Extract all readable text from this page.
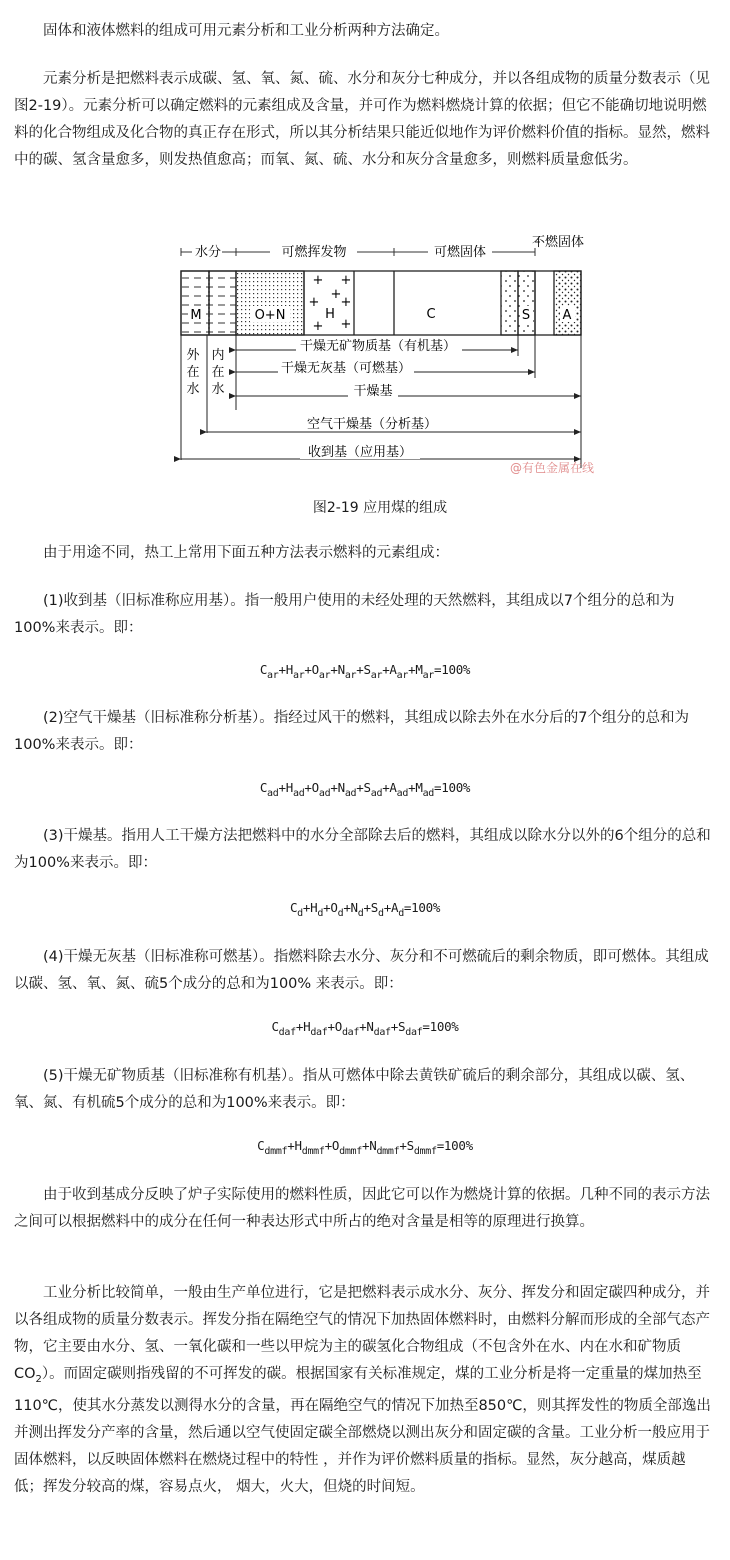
固体和液体燃料的组成可用元素分析和工业分析两种方法确定。

元素分析是把燃料表示成碳、氢、氧、氮、硫、水分和灰分七种成分，并以各组成物的质量分数表示（见图2-19）。元素分析可以确定燃料的元素组成及含量，并可作为燃料燃烧计算的依据；但它不能确切地说明燃料的化合物组成及化合物的真正存在形式，所以其分析结果只能近似地作为评价燃料价值的指标。显然，燃料中的碳、氢含量愈多，则发热值愈高；而氧、氮、硫、水分和灰分含量愈多，则燃料质量愈低劣。

水分	可燃挥发物	可燃固体
不燃固体
M	O+N	H
+ +
+ +
+
+ +
C	S A
外
在
水
内
在
水
干燥无矿物质基（有机基）
干燥无灰基（可燃基）
干燥基
空气干燥基（分析基）
收到基（应用基）
@有色金属在线

图2-19 应用煤的组成

由于用途不同，热工上常用下面五种方法表示燃料的元素组成：

(1)收到基（旧标准称应用基）。指一般用户使用的未经处理的天然燃料，其组成以7个组分的总和为100%来表示。即：

$C_{ar}+H_{ar}+O_{ar}+N_{ar}+S_{ar}+A_{ar}+M_{ar}=100\%$

(2)空气干燥基（旧标准称分析基）。指经过风干的燃料，其组成以除去外在水分后的7个组分的总和为100%来表示。即：

$C_{ad}+H_{ad}+O_{ad}+N_{ad}+S_{ad}+A_{ad}+M_{ad}=100\%$

(3)干燥基。指用人工干燥方法把燃料中的水分全部除去后的燃料，其组成以除水分以外的6个组分的总和为100%来表示。即：

$C_d+H_d+O_d+N_d+S_d+A_d=100\%$

(4)干燥无灰基（旧标准称可燃基）。指燃料除去水分、灰分和不可燃硫后的剩余物质，即可燃体。其组成以碳、氢、氧、氮、硫5个成分的总和为100% 来表示。即：

$C_{daf}+H_{daf}+O_{daf}+N_{daf}+S_{daf}=100\%$

(5)干燥无矿物质基（旧标准称有机基）。指从可燃体中除去黄铁矿硫后的剩余部分，其组成以碳、氢、氧、氮、有机硫5个成分的总和为100%来表示。即：

$C_{dmmf}+H_{dmmf}+O_{dmmf}+N_{dmmf}+S_{dmmf}=100\%$

由于收到基成分反映了炉子实际使用的燃料性质，因此它可以作为燃烧计算的依据。几种不同的表示方法之间可以根据燃料中的成分在任何一种表达形式中所占的绝对含量是相等的原理进行换算。

工业分析比较简单，一般由生产单位进行，它是把燃料表示成水分、灰分、挥发分和固定碳四种成分，并以各组成物的质量分数表示。挥发分指在隔绝空气的情况下加热固体燃料时，由燃料分解而形成的全部气态产物，它主要由水分、氢、一氧化碳和一些以甲烷为主的碳氢化合物组成（不包含外在水、内在水和矿物质$CO_2$）。而固定碳则指残留的不可挥发的碳。根据国家有关标准规定，煤的工业分析是将一定重量的煤加热至 110℃，使其水分蒸发以测得水分的含量，再在隔绝空气的情况下加热至850℃，则其挥发性的物质全部逸出并测出挥发分产率的含量，然后通以空气使固定碳全部燃烧以测出灰分和固定碳的含量。工业分析一般应用于固体燃料，以反映固体燃料在燃烧过程中的特性 ，并作为评价燃料质量的指标。显然，灰分越高，煤质越低；挥发分较高的煤，容易点火， 烟大，火大，但烧的时间短。
